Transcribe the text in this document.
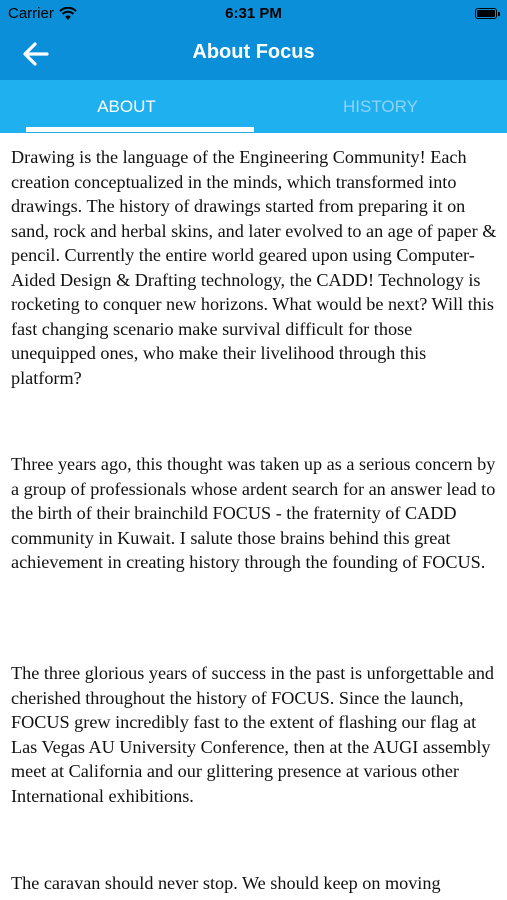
Carrier	6:31 PM
About Focus
ABOUT	HISTORY

Drawing is the language of the Engineering Community! Each creation conceptualized in the minds, which transformed into drawings. The history of drawings started from preparing it on sand, rock and herbal skins, and later evolved to an age of paper & pencil. Currently the entire world geared upon using Computer-Aided Design & Drafting technology, the CADD! Technology is rocketing to conquer new horizons. What would be next? Will this fast changing scenario make survival difficult for those unequipped ones, who make their livelihood through this platform?

Three years ago, this thought was taken up as a serious concern by a group of professionals whose ardent search for an answer lead to the birth of their brainchild FOCUS - the fraternity of CADD community in Kuwait. I salute those brains behind this great achievement in creating history through the founding of FOCUS.

The three glorious years of success in the past is unforgettable and cherished throughout the history of FOCUS. Since the launch, FOCUS grew incredibly fast to the extent of flashing our flag at Las Vegas AU University Conference, then at the AUGI assembly meet at California and our glittering presence at various other International exhibitions.

The caravan should never stop. We should keep on moving
